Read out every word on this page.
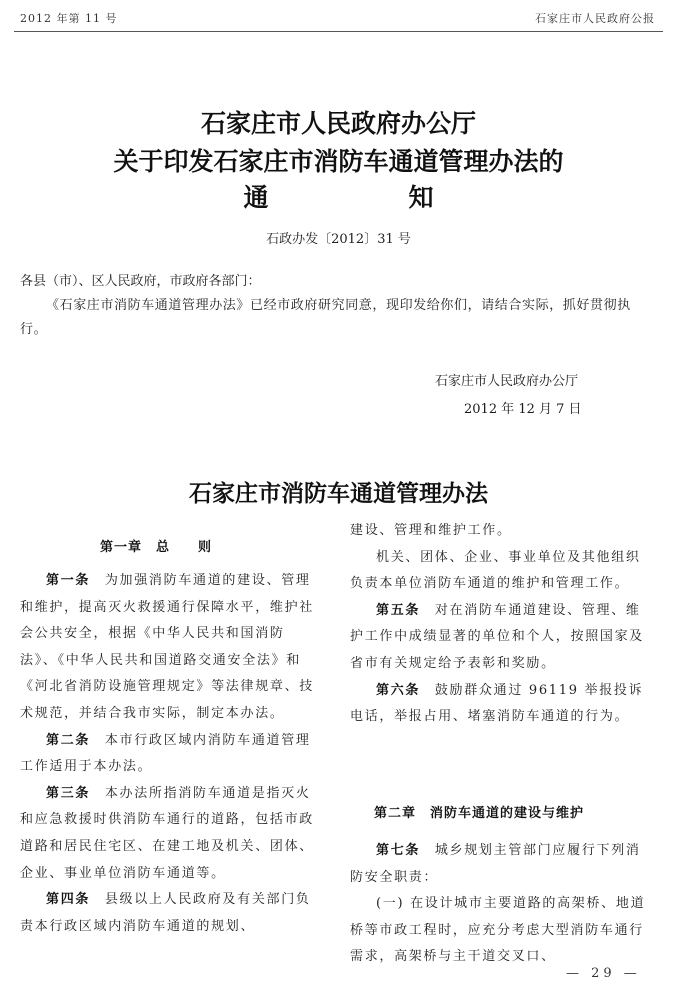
2012 年第 11 号	石家庄市人民政府公报
石家庄市人民政府办公厅
关于印发石家庄市消防车通道管理办法的
通知
石政办发〔2012〕31 号
各县（市）、区人民政府，市政府各部门：

《石家庄市消防车通道管理办法》已经市政府研究同意，现印发给你们，请结合实际，抓好贯彻执行。

石家庄市人民政府办公厅
2012 年 12 月 7 日
石家庄市消防车通道管理办法
第一章　总　　则

第一条　 为加强消防车通道的建设、管理和维护，提高灭火救援通行保障水平，维护社会公共安全，根据《中华人民共和国消防法》、《中华人民共和国道路交通安全法》和《河北省消防设施管理规定》等法律规章、技术规范，并结合我市实际，制定本办法。

第二条　 本市行政区域内消防车通道管理工作适用于本办法。

第三条　 本办法所指消防车通道是指灭火和应急救援时供消防车通行的道路，包括市政道路和居民住宅区、在建工地及机关、团体、企业、事业单位消防车通道等。

第四条　 县级以上人民政府及有关部门负责本行政区域内消防车通道的规划、

建设、管理和维护工作。

机关、团体、企业、事业单位及其他组织负责本单位消防车通道的维护和管理工作。

第五条　 对在消防车通道建设、管理、维护工作中成绩显著的单位和个人，按照国家及省市有关规定给予表彰和奖励。

第六条　 鼓励群众通过 96119 举报投诉电话，举报占用、堵塞消防车通道的行为。

第二章　消防车通道的建设与维护

第七条　 城乡规划主管部门应履行下列消防安全职责：

(一) 在设计城市主要道路的高架桥、地道桥等市政工程时，应充分考虑大型消防车通行需求，高架桥与主干道交叉口、

— 29 —
